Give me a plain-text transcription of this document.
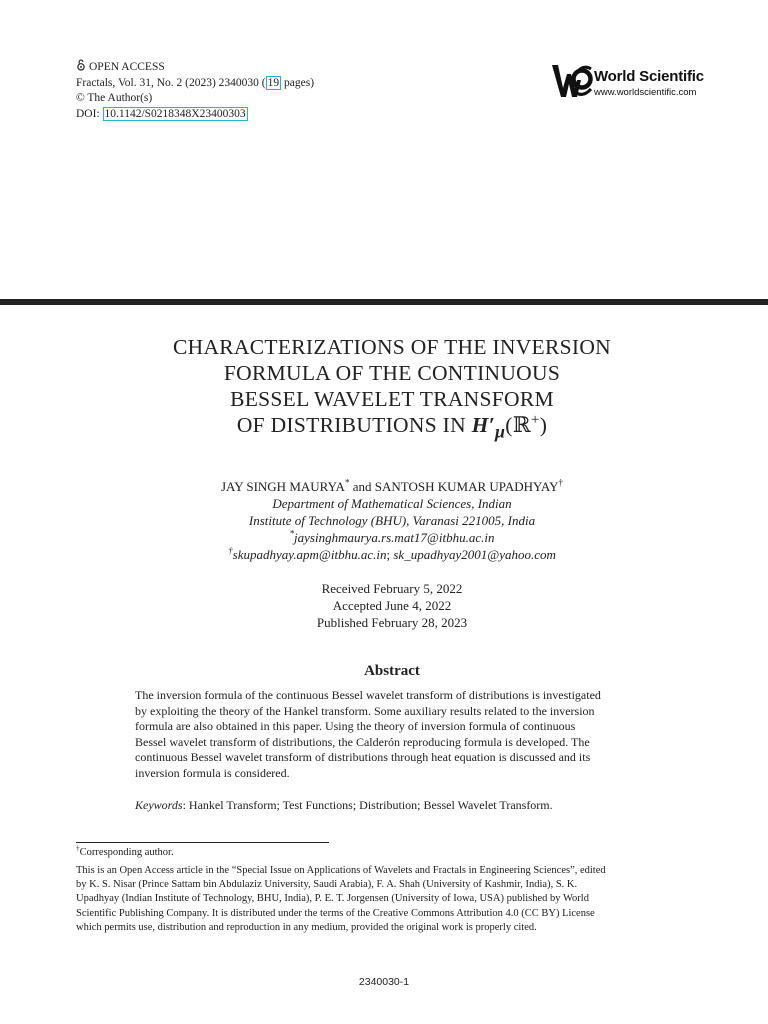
OPEN ACCESS
Fractals, Vol. 31, No. 2 (2023) 2340030 ( 19 pages)
© The Author(s)
DOI: 10.1142/S0218348X23400303
World Scientific
www.worldscientific.com
CHARACTERIZATIONS OF THE INVERSION
FORMULA OF THE CONTINUOUS
BESSEL WAVELET TRANSFORM
OF DISTRIBUTIONS IN $H'_\mu(ℝ^+)$
JAY SINGH MAURYA* and SANTOSH KUMAR UPADHYAY†
Department of Mathematical Sciences, Indian
Institute of Technology (BHU), Varanasi 221005, India
*jaysinghmaurya.rs.mat17@itbhu.ac.in
†skupadhyay.apm@itbhu.ac.in; sk_upadhyay2001@yahoo.com
Received February 5, 2022
Accepted June 4, 2022
Published February 28, 2023
Abstract
The inversion formula of the continuous Bessel wavelet transform of distributions is investigated
by exploiting the theory of the Hankel transform. Some auxiliary results related to the inversion
formula are also obtained in this paper. Using the theory of inversion formula of continuous
Bessel wavelet transform of distributions, the Calderón reproducing formula is developed. The
continuous Bessel wavelet transform of distributions through heat equation is discussed and its
inversion formula is considered.
Keywords: Hankel Transform; Test Functions; Distribution; Bessel Wavelet Transform.
†Corresponding author.
This is an Open Access article in the “Special Issue on Applications of Wavelets and Fractals in Engineering Sciences”, edited
by K. S. Nisar (Prince Sattam bin Abdulaziz University, Saudi Arabia), F. A. Shah (University of Kashmir, India), S. K.
Upadhyay (Indian Institute of Technology, BHU, India), P. E. T. Jorgensen (University of Iowa, USA) published by World
Scientific Publishing Company. It is distributed under the terms of the Creative Commons Attribution 4.0 (CC BY) License
which permits use, distribution and reproduction in any medium, provided the original work is properly cited.
2340030-1
